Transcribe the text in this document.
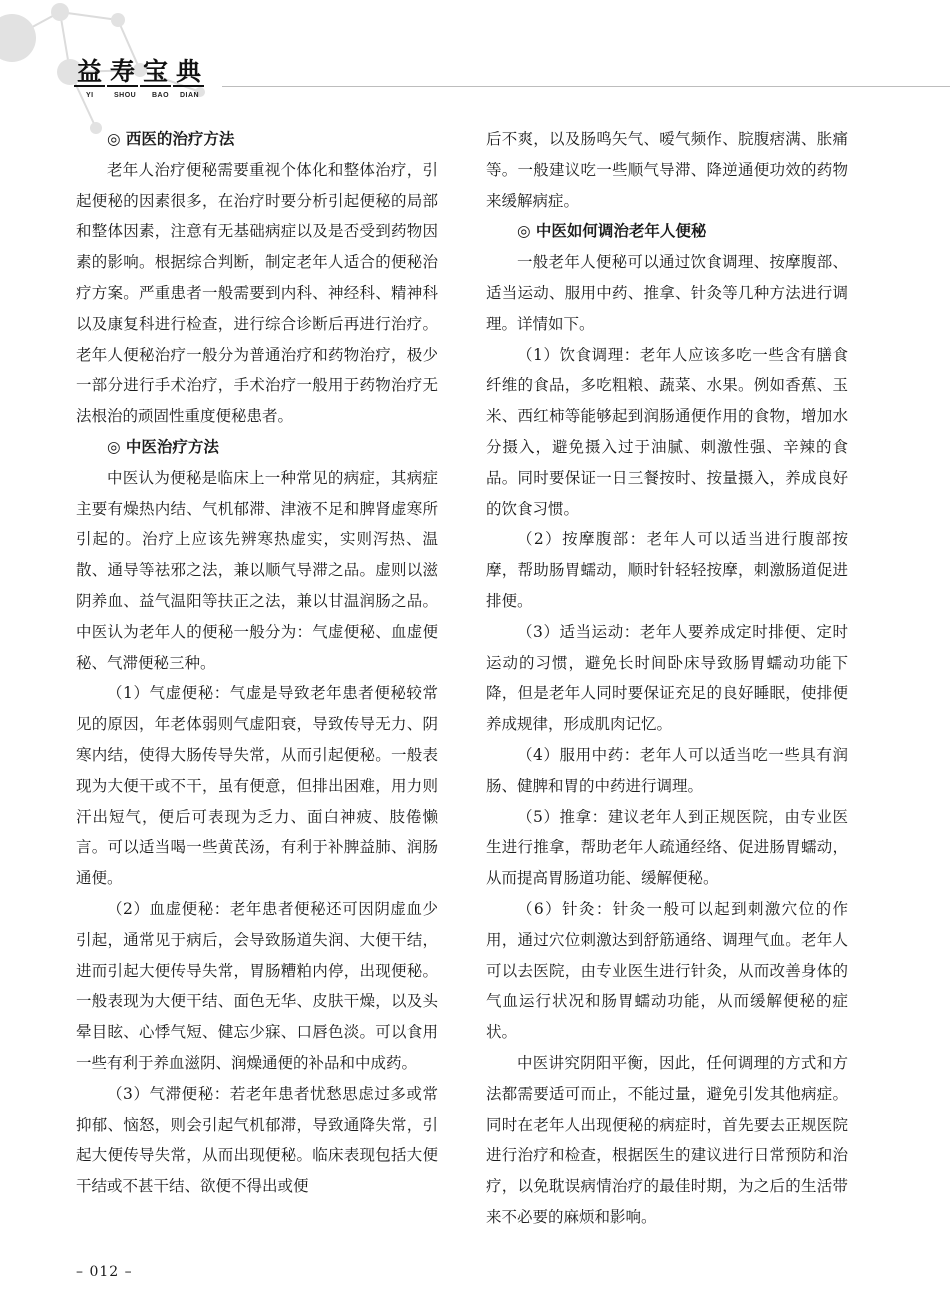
益 寿 宝 典
YI	SHOU	BAO	DIAN
◎ 西医的治疗方法

老年人治疗便秘需要重视个体化和整体治疗，引起便秘的因素很多，在治疗时要分析引起便秘的局部和整体因素，注意有无基础病症以及是否受到药物因素的影响。根据综合判断，制定老年人适合的便秘治疗方案。严重患者一般需要到内科、神经科、精神科以及康复科进行检查，进行综合诊断后再进行治疗。老年人便秘治疗一般分为普通治疗和药物治疗，极少一部分进行手术治疗，手术治疗一般用于药物治疗无法根治的顽固性重度便秘患者。

◎ 中医治疗方法

中医认为便秘是临床上一种常见的病症，其病症主要有燥热内结、气机郁滞、津液不足和脾肾虚寒所引起的。治疗上应该先辨寒热虚实，实则泻热、温散、通导等祛邪之法，兼以顺气导滞之品。虚则以滋阴养血、益气温阳等扶正之法，兼以甘温润肠之品。中医认为老年人的便秘一般分为：气虚便秘、血虚便秘、气滞便秘三种。

（1）气虚便秘：气虚是导致老年患者便秘较常见的原因，年老体弱则气虚阳衰，导致传导无力、阴寒内结，使得大肠传导失常，从而引起便秘。一般表现为大便干或不干，虽有便意，但排出困难，用力则汗出短气，便后可表现为乏力、面白神疲、肢倦懒言。可以适当喝一些黄芪汤，有利于补脾益肺、润肠通便。

（2）血虚便秘：老年患者便秘还可因阴虚血少引起，通常见于病后，会导致肠道失润、大便干结，进而引起大便传导失常，胃肠糟粕内停，出现便秘。一般表现为大便干结、面色无华、皮肤干燥，以及头晕目眩、心悸气短、健忘少寐、口唇色淡。可以食用一些有利于养血滋阴、润燥通便的补品和中成药。

（3）气滞便秘：若老年患者忧愁思虑过多或常抑郁、恼怒，则会引起气机郁滞，导致通降失常，引起大便传导失常，从而出现便秘。临床表现包括大便干结或不甚干结、欲便不得出或便

后不爽，以及肠鸣矢气、嗳气频作、脘腹痞满、胀痛等。一般建议吃一些顺气导滞、降逆通便功效的药物来缓解病症。

◎ 中医如何调治老年人便秘

一般老年人便秘可以通过饮食调理、按摩腹部、适当运动、服用中药、推拿、针灸等几种方法进行调理。详情如下。

（1）饮食调理：老年人应该多吃一些含有膳食纤维的食品，多吃粗粮、蔬菜、水果。例如香蕉、玉米、西红柿等能够起到润肠通便作用的食物，增加水分摄入，避免摄入过于油腻、刺激性强、辛辣的食品。同时要保证一日三餐按时、按量摄入，养成良好的饮食习惯。

（2）按摩腹部：老年人可以适当进行腹部按摩，帮助肠胃蠕动，顺时针轻轻按摩，刺激肠道促进排便。

（3）适当运动：老年人要养成定时排便、定时运动的习惯，避免长时间卧床导致肠胃蠕动功能下降，但是老年人同时要保证充足的良好睡眠，使排便养成规律，形成肌肉记忆。

（4）服用中药：老年人可以适当吃一些具有润肠、健脾和胃的中药进行调理。

（5）推拿：建议老年人到正规医院，由专业医生进行推拿，帮助老年人疏通经络、促进肠胃蠕动，从而提高胃肠道功能、缓解便秘。

（6）针灸：针灸一般可以起到刺激穴位的作用，通过穴位刺激达到舒筋通络、调理气血。老年人可以去医院，由专业医生进行针灸，从而改善身体的气血运行状况和肠胃蠕动功能，从而缓解便秘的症状。

中医讲究阴阳平衡，因此，任何调理的方式和方法都需要适可而止，不能过量，避免引发其他病症。同时在老年人出现便秘的病症时，首先要去正规医院进行治疗和检查，根据医生的建议进行日常预防和治疗，以免耽误病情治疗的最佳时期，为之后的生活带来不必要的麻烦和影响。

– 012 –
